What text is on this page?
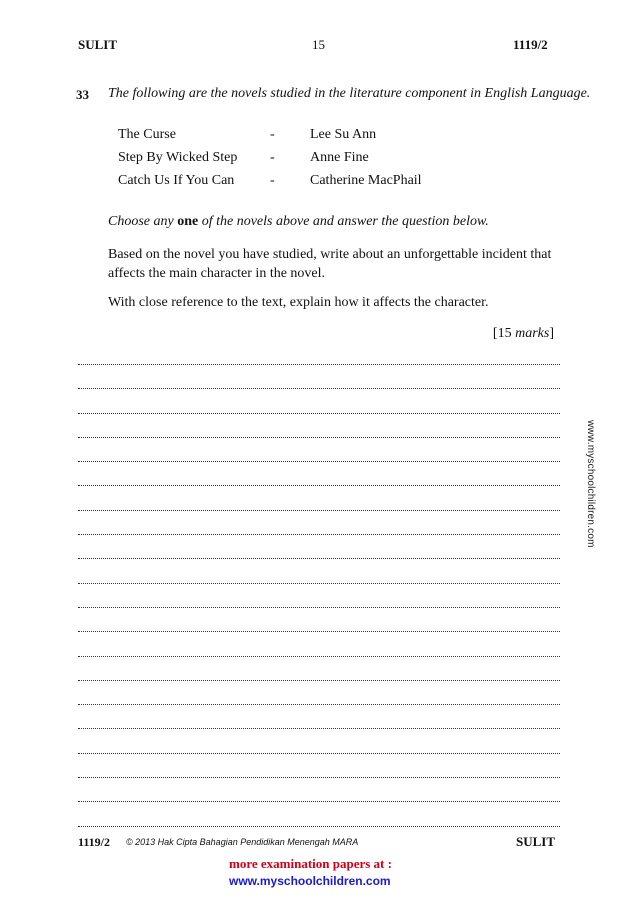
SULIT	15	1119/2
33 The following are the novels studied in the literature component in English Language.
The Curse	-	Lee Su Ann
Step By Wicked Step -	Anne Fine
Catch Us If You Can	-	Catherine MacPhail
Choose any one of the novels above and answer the question below.
Based on the novel you have studied, write about an unforgettable incident that affects the main character in the novel.
With close reference to the text, explain how it affects the character.
[15 marks]
www.myschoolchildren.com
1119/2 © 2013 Hak Cipta Bahagian Pendidikan Menengah MARA	SULIT
more examination papers at :
www.myschoolchildren.com
